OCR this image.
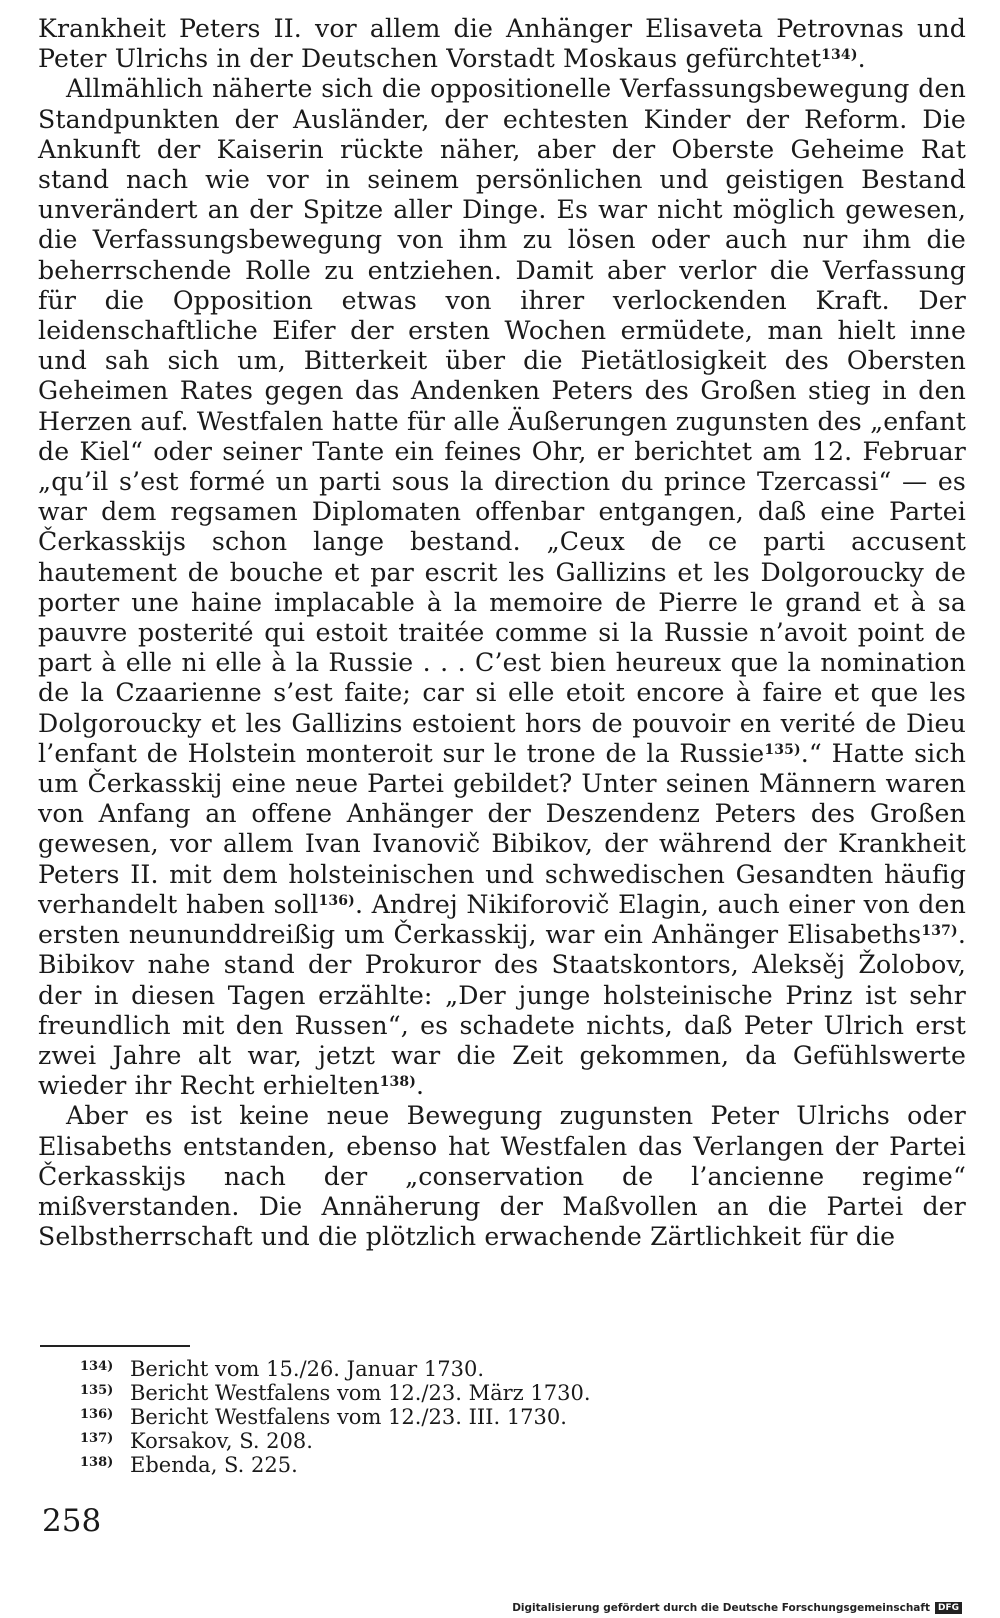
Krankheit Peters II. vor allem die Anhänger Elisaveta Petrovnas und Peter Ulrichs in der Deutschen Vorstadt Moskaus gefürchtet$^{134)}$.

Allmählich näherte sich die oppositionelle Verfassungsbewegung den Standpunkten der Ausländer, der echtesten Kinder der Reform. Die Ankunft der Kaiserin rückte näher, aber der Oberste Geheime Rat stand nach wie vor in seinem persönlichen und geistigen Bestand unverändert an der Spitze aller Dinge. Es war nicht möglich gewesen, die Verfassungsbewegung von ihm zu lösen oder auch nur ihm die beherrschende Rolle zu entziehen. Damit aber verlor die Verfassung für die Opposition etwas von ihrer verlockenden Kraft. Der leidenschaftliche Eifer der ersten Wochen ermüdete, man hielt inne und sah sich um, Bitterkeit über die Pietätlosigkeit des Obersten Geheimen Rates gegen das Andenken Peters des Großen stieg in den Herzen auf. Westfalen hatte für alle Äußerungen zugunsten des „enfant de Kiel“ oder seiner Tante ein feines Ohr, er berichtet am 12. Februar „qu’il s’est formé un parti sous la direction du prince Tzercassi“ — es war dem regsamen Diplomaten offenbar entgangen, daß eine Partei Čerkasskijs schon lange bestand. „Ceux de ce parti accusent hautement de bouche et par escrit les Gallizins et les Dolgoroucky de porter une haine implacable à la memoire de Pierre le grand et à sa pauvre posterité qui estoit traitée comme si la Russie n’avoit point de part à elle ni elle à la Russie . . . C’est bien heureux que la nomination de la Czaarienne s’est faite; car si elle etoit encore à faire et que les Dolgoroucky et les Gallizins estoient hors de pouvoir en verité de Dieu l’enfant de Holstein monteroit sur le trone de la Russie$^{135)}$.“ Hatte sich um Čerkasskij eine neue Partei gebildet? Unter seinen Männern waren von Anfang an offene Anhänger der Deszendenz Peters des Großen gewesen, vor allem Ivan Ivanovič Bibikov, der während der Krankheit Peters II. mit dem holsteinischen und schwedischen Gesandten häufig verhandelt haben soll$^{136)}$. Andrej Nikiforovič Elagin, auch einer von den ersten neununddreißig um Čerkasskij, war ein Anhänger Elisabeths$^{137)}$. Bibikov nahe stand der Prokuror des Staatskontors, Aleksěj Žolobov, der in diesen Tagen erzählte: „Der junge holsteinische Prinz ist sehr freundlich mit den Russen“, es schadete nichts, daß Peter Ulrich erst zwei Jahre alt war, jetzt war die Zeit gekommen, da Gefühlswerte wieder ihr Recht erhielten$^{138)}$.

Aber es ist keine neue Bewegung zugunsten Peter Ulrichs oder Elisabeths entstanden, ebenso hat Westfalen das Verlangen der Partei Čerkasskijs nach der „conservation de l’ancienne regime“ mißverstanden. Die Annäherung der Maßvollen an die Partei der Selbstherrschaft und die plötzlich erwachende Zärtlichkeit für die

134) Bericht vom 15./26. Januar 1730.
135) Bericht Westfalens vom 12./23. März 1730.
136) Bericht Westfalens vom 12./23. III. 1730.
137) Korsakov, S. 208.
138) Ebenda, S. 225.
258
Digitalisierung gefördert durch die Deutsche Forschungsgemeinschaft DFG
